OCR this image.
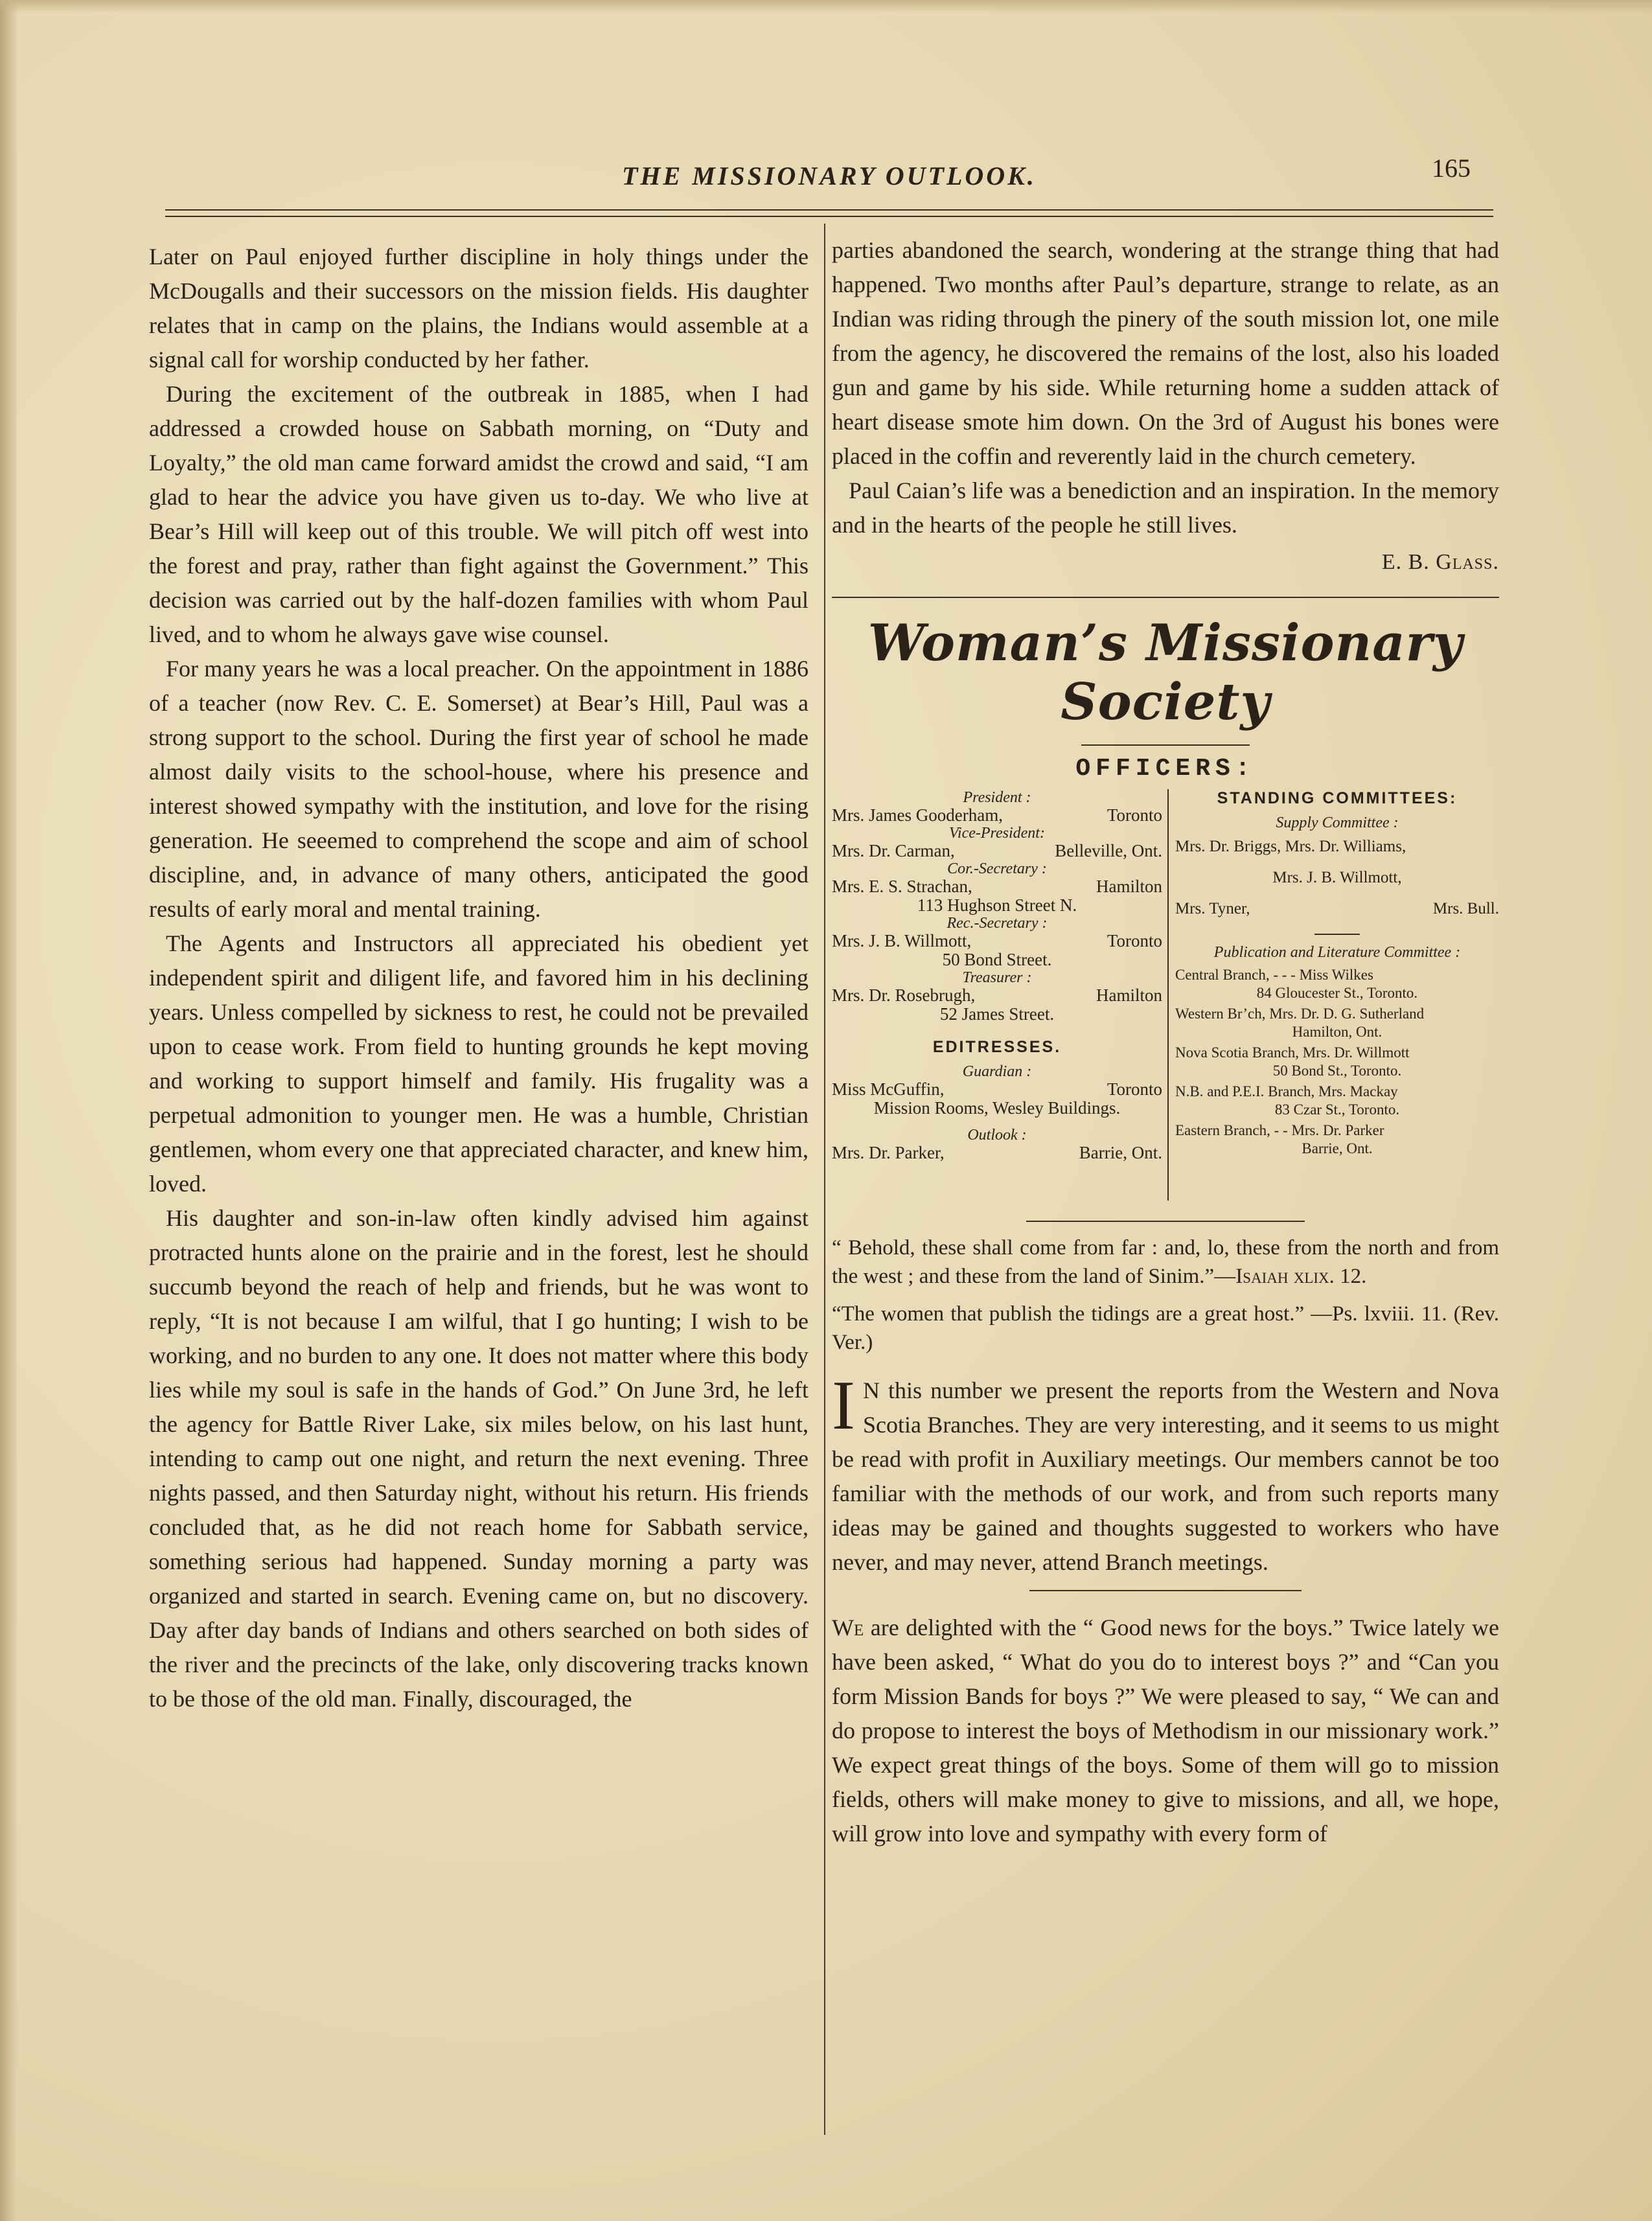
THE MISSIONARY OUTLOOK.	165

Later on Paul enjoyed further discipline in holy things under the McDougalls and their successors on the mission fields. His daughter relates that in camp on the plains, the Indians would assemble at a signal call for worship conducted by her father.

During the excitement of the outbreak in 1885, when I had addressed a crowded house on Sabbath morning, on “Duty and Loyalty,” the old man came forward amidst the crowd and said, “I am glad to hear the advice you have given us to-day. We who live at Bear’s Hill will keep out of this trouble. We will pitch off west into the forest and pray, rather than fight against the Government.” This decision was carried out by the half-dozen families with whom Paul lived, and to whom he always gave wise counsel.

For many years he was a local preacher. On the appointment in 1886 of a teacher (now Rev. C. E. Somerset) at Bear’s Hill, Paul was a strong support to the school. During the first year of school he made almost daily visits to the school-house, where his presence and interest showed sympathy with the institution, and love for the rising generation. He seeemed to comprehend the scope and aim of school discipline, and, in advance of many others, anticipated the good results of early moral and mental training.

The Agents and Instructors all appreciated his obedient yet independent spirit and diligent life, and favored him in his declining years. Unless compelled by sickness to rest, he could not be prevailed upon to cease work. From field to hunting grounds he kept moving and working to support himself and family. His frugality was a perpetual admonition to younger men. He was a humble, Christian gentlemen, whom every one that appreciated character, and knew him, loved.

His daughter and son-in-law often kindly advised him against protracted hunts alone on the prairie and in the forest, lest he should succumb beyond the reach of help and friends, but he was wont to reply, “It is not because I am wilful, that I go hunting; I wish to be working, and no burden to any one. It does not matter where this body lies while my soul is safe in the hands of God.” On June 3rd, he left the agency for Battle River Lake, six miles below, on his last hunt, intending to camp out one night, and return the next evening. Three nights passed, and then Saturday night, without his return. His friends concluded that, as he did not reach home for Sabbath service, something serious had happened. Sunday morning a party was organized and started in search. Evening came on, but no discovery. Day after day bands of Indians and others searched on both sides of the river and the precincts of the lake, only discovering tracks known to be those of the old man. Finally, discouraged, the

parties abandoned the search, wondering at the strange thing that had happened. Two months after Paul’s departure, strange to relate, as an Indian was riding through the pinery of the south mission lot, one mile from the agency, he discovered the remains of the lost, also his loaded gun and game by his side. While returning home a sudden attack of heart disease smote him down. On the 3rd of August his bones were placed in the coffin and reverently laid in the church cemetery.

Paul Caian’s life was a benediction and an inspiration. In the memory and in the hearts of the people he still lives.

E. B. Glass.

Woman’s Missionary Society
OFFICERS:
President :
Mrs. James Gooderham,	Toronto
Vice-President:
Mrs. Dr. Carman,	Belleville, Ont.
Cor.-Secretary :
Mrs. E. S. Strachan,	Hamilton
113 Hughson Street N.
Rec.-Secretary :
Mrs. J. B. Willmott,	Toronto
50 Bond Street.
Treasurer :
Mrs. Dr. Rosebrugh,	Hamilton
52 James Street.
EDITRESSES.
Guardian :
Miss McGuffin,	Toronto
Mission Rooms, Wesley Buildings.
Outlook :
Mrs. Dr. Parker,	Barrie, Ont.
STANDING COMMITTEES:
Supply Committee :
Mrs. Dr. Briggs, Mrs. Dr. Williams,
Mrs. J. B. Willmott,
Mrs. Tyner,	Mrs. Bull.
Publication and Literature Committee :
Central Branch, - - - Miss Wilkes
84 Gloucester St., Toronto.
Western Br’ch, Mrs. Dr. D. G. Sutherland
Hamilton, Ont.
Nova Scotia Branch, Mrs. Dr. Willmott
50 Bond St., Toronto.
N.B. and P.E.I. Branch, Mrs. Mackay
83 Czar St., Toronto.
Eastern Branch, - - Mrs. Dr. Parker
Barrie, Ont.

“ Behold, these shall come from far : and, lo, these from the north and from the west ; and these from the land of Sinim.”—Isaiah xlix. 12.

“The women that publish the tidings are a great host.” —Ps. lxviii. 11. (Rev. Ver.)

I N this number we present the reports from the Western and Nova Scotia Branches. They are very interesting, and it seems to us might be read with profit in Auxiliary meetings. Our members cannot be too familiar with the methods of our work, and from such reports many ideas may be gained and thoughts suggested to workers who have never, and may never, attend Branch meetings.

We are delighted with the “ Good news for the boys.” Twice lately we have been asked, “ What do you do to interest boys ?” and “Can you form Mission Bands for boys ?” We were pleased to say, “ We can and do propose to interest the boys of Methodism in our missionary work.” We expect great things of the boys. Some of them will go to mission fields, others will make money to give to missions, and all, we hope, will grow into love and sympathy with every form of
